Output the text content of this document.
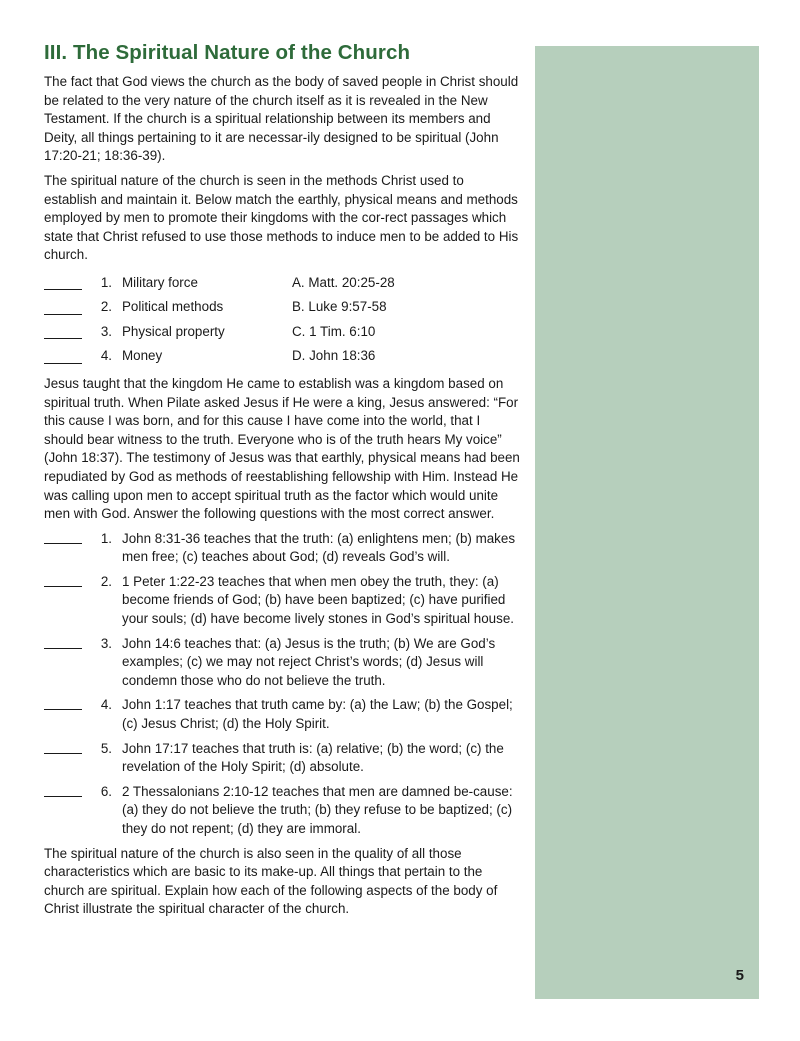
5
III. The Spiritual Nature of the Church

The fact that God views the church as the body of saved people in Christ should be related to the very nature of the church itself as it is revealed in the New Testament. If the church is a spiritual relationship between its members and Deity, all things pertaining to it are necessar-ily designed to be spiritual (John 17:20-21; 18:36-39).

The spiritual nature of the church is seen in the methods Christ used to establish and maintain it. Below match the earthly, physical means and methods employed by men to promote their kingdoms with the cor-rect passages which state that Christ refused to use those methods to induce men to be added to His church.

1. Military force	A. Matt. 20:25-28
2. Political methods	B. Luke 9:57-58
3. Physical property	C. 1 Tim. 6:10
4. Money	D. John 18:36

Jesus taught that the kingdom He came to establish was a kingdom based on spiritual truth. When Pilate asked Jesus if He were a king, Jesus answered: “For this cause I was born, and for this cause I have come into the world, that I should bear witness to the truth. Everyone who is of the truth hears My voice” (John 18:37). The testimony of Jesus was that earthly, physical means had been repudiated by God as methods of reestablishing fellowship with Him. Instead He was calling upon men to accept spiritual truth as the factor which would unite men with God. Answer the following questions with the most correct answer.

1. John 8:31-36 teaches that the truth: (a) enlightens men; (b) makes men free; (c) teaches about God; (d) reveals God’s will.
2. 1 Peter 1:22-23 teaches that when men obey the truth, they: (a) become friends of God; (b) have been baptized; (c) have purified your souls; (d) have become lively stones in God’s spiritual house.
3. John 14:6 teaches that: (a) Jesus is the truth; (b) We are God’s examples; (c) we may not reject Christ’s words; (d) Jesus will condemn those who do not believe the truth.
4. John 1:17 teaches that truth came by: (a) the Law; (b) the Gospel; (c) Jesus Christ; (d) the Holy Spirit.
5. John 17:17 teaches that truth is: (a) relative; (b) the word; (c) the revelation of the Holy Spirit; (d) absolute.
6. 2 Thessalonians 2:10-12 teaches that men are damned be-cause: (a) they do not believe the truth; (b) they refuse to be baptized; (c) they do not repent; (d) they are immoral.

The spiritual nature of the church is also seen in the quality of all those characteristics which are basic to its make-up. All things that pertain to the church are spiritual. Explain how each of the following aspects of the body of Christ illustrate the spiritual character of the church.
